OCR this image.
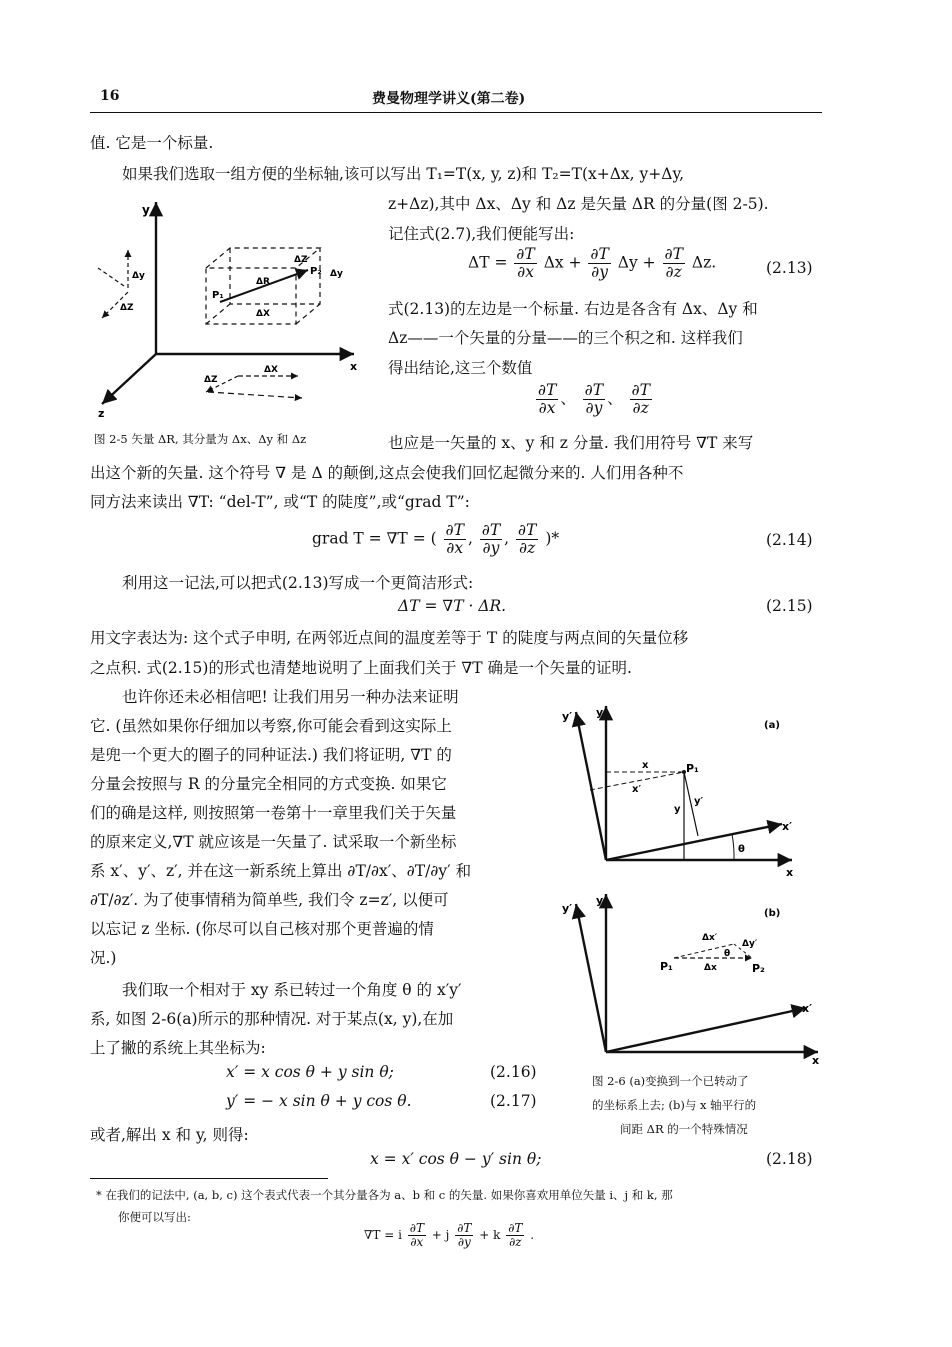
16	费曼物理学讲义(第二卷)

值. 它是一个标量.

如果我们选取一组方便的坐标轴,该可以写出 T₁=T(x, y, z)和 T₂=T(x+Δx, y+Δy,

z+Δz),其中 Δx、Δy 和 Δz 是矢量 ΔR 的分量(图 2-5).

记住式(2.7),我们便能写出:

$\Delta T = \frac{\partial T}{\partial x}$ $\Delta x + \frac{\partial T}{\partial y}$ $\Delta y + \frac{\partial T}{\partial z} \Delta z$.	(2.13)

式(2.13)的左边是一个标量. 右边是各含有 Δx、Δy 和

Δz——一个矢量的分量——的三个积之和. 这样我们

得出结论,这三个数值

$\frac{\partial T}{\partial x}$ 、 $\frac{\partial T}{\partial y}$ 、 $\frac{\partial T}{\partial z}$

也应是一矢量的 x、y 和 z 分量. 我们用符号 ∇T 来写

出这个新的矢量. 这个符号 ∇ 是 Δ 的颠倒,这点会使我们回忆起微分来的. 人们用各种不

同方法来读出 ∇T: “del-T”, 或“T 的陡度”,或“grad T”:

grad T = ∇T = ( $\frac{\partial T}{\partial x}$ , $\frac{\partial T}{\partial y}$ , $\frac{\partial T}{\partial z}$ )*	(2.14)

利用这一记法,可以把式(2.13)写成一个更简洁形式:

ΔT = ∇T · ΔR.	(2.15)

用文字表达为: 这个式子申明, 在两邻近点间的温度差等于 T 的陡度与两点间的矢量位移

之点积. 式(2.15)的形式也清楚地说明了上面我们关于 ∇T 确是一个矢量的证明.

也许你还未必相信吧! 让我们用另一种办法来证明

它. (虽然如果你仔细加以考察,你可能会看到这实际上

是兜一个更大的圈子的同种证法.) 我们将证明, ∇T 的

分量会按照与 R 的分量完全相同的方式变换. 如果它

们的确是这样, 则按照第一卷第十一章里我们关于矢量

的原来定义,∇T 就应该是一矢量了. 试采取一个新坐标

系 x′、y′、z′, 并在这一新系统上算出 ∂T/∂x′、∂T/∂y′ 和

∂T/∂z′. 为了使事情稍为简单些, 我们令 z=z′, 以便可

以忘记 z 坐标. (你尽可以自己核对那个更普遍的情

况.)

我们取一个相对于 xy 系已转过一个角度 θ 的 x′y′

系, 如图 2-6(a)所示的那种情况. 对于某点(x, y),在加

上了撇的系统上其坐标为:

x′ = x cos θ + y sin θ;	(2.16)
y′ = − x sin θ + y cos θ.	(2.17)

或者,解出 x 和 y, 则得:

x = x′ cos θ − y′ sin θ;	(2.18)
y
x
z
P₁
P₂
ΔR
ΔX
ΔZ
Δy
Δy
ΔZ
ΔX
ΔZ
图 2-5 矢量 ΔR, 其分量为 Δx、Δy 和 Δz
(a)
y
y′
x
x′
P₁
x
x′
y
y′
θ
(b)
y
y′
x
x′
P₁	P₂
Δx
Δx′
Δy′
θ
图 2-6 (a)变换到一个已转动了
的坐标系上去; (b)与 x 轴平行的
间距 ΔR 的一个特殊情况
* 在我们的记法中, (a, b, c) 这个表式代表一个其分量各为 a、b 和 c 的矢量. 如果你喜欢用单位矢量 i、j 和 k, 那
你便可以写出:
∇T = i $\frac{\partial T}{\partial x} + j \frac{\partial T}{\partial y} + k \frac{\partial T}{\partial z}$ .
